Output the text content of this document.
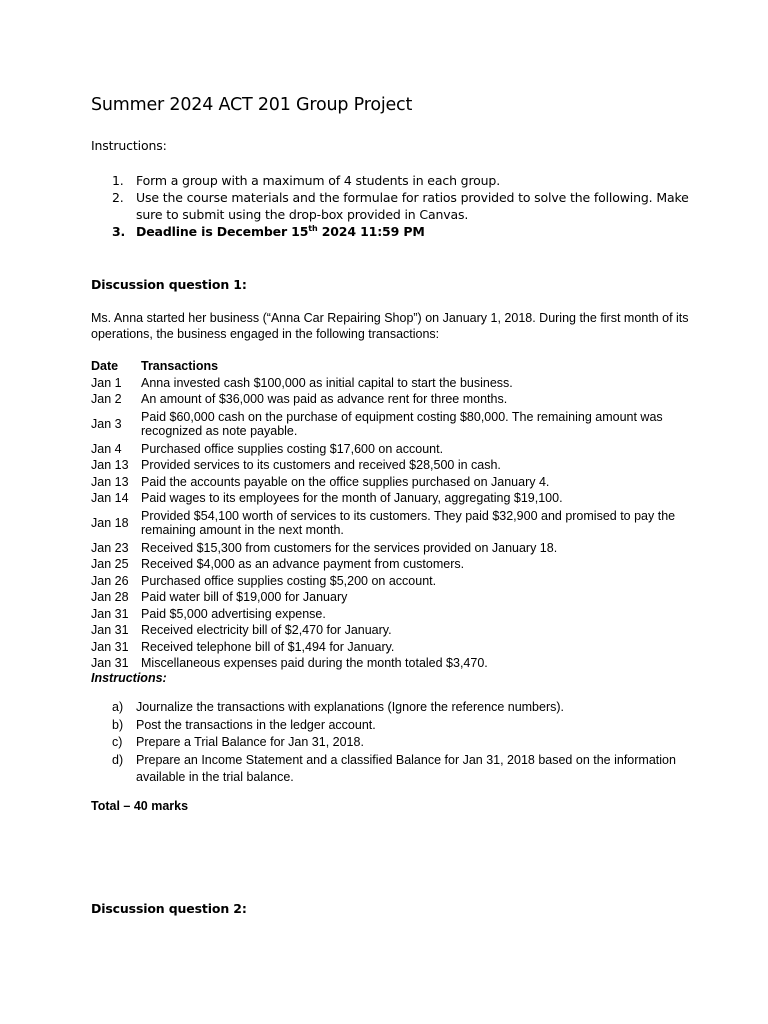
Summer 2024 ACT 201 Group Project
Instructions:
1. Form a group with a maximum of 4 students in each group.
2. Use the course materials and the formulae for ratios provided to solve the following. Make sure to submit using the drop-box provided in Canvas.
3. Deadline is December 15th 2024 11:59 PM
Discussion question 1:
Ms. Anna started her business (“Anna Car Repairing Shop”) on January 1, 2018. During the first month of its operations, the business engaged in the following transactions:
Date	Transactions
Jan 1	Anna invested cash $100,000 as initial capital to start the business.
Jan 2	An amount of $36,000 was paid as advance rent for three months.
Jan 3	Paid $60,000 cash on the purchase of equipment costing $80,000. The remaining amount was recognized as note payable.
Jan 4	Purchased office supplies costing $17,600 on account.
Jan 13	Provided services to its customers and received $28,500 in cash.
Jan 13	Paid the accounts payable on the office supplies purchased on January 4.
Jan 14	Paid wages to its employees for the month of January, aggregating $19,100.
Jan 18	Provided $54,100 worth of services to its customers. They paid $32,900 and promised to pay the remaining amount in the next month.
Jan 23	Received $15,300 from customers for the services provided on January 18.
Jan 25	Received $4,000 as an advance payment from customers.
Jan 26	Purchased office supplies costing $5,200 on account.
Jan 28	Paid water bill of $19,000 for January
Jan 31	Paid $5,000 advertising expense.
Jan 31	Received electricity bill of $2,470 for January.
Jan 31	Received telephone bill of $1,494 for January.
Jan 31	Miscellaneous expenses paid during the month totaled $3,470.
Instructions:
a) Journalize the transactions with explanations (Ignore the reference numbers).
b) Post the transactions in the ledger account.
c) Prepare a Trial Balance for Jan 31, 2018.
d) Prepare an Income Statement and a classified Balance for Jan 31, 2018 based on the information available in the trial balance.
Total – 40 marks
Discussion question 2:
